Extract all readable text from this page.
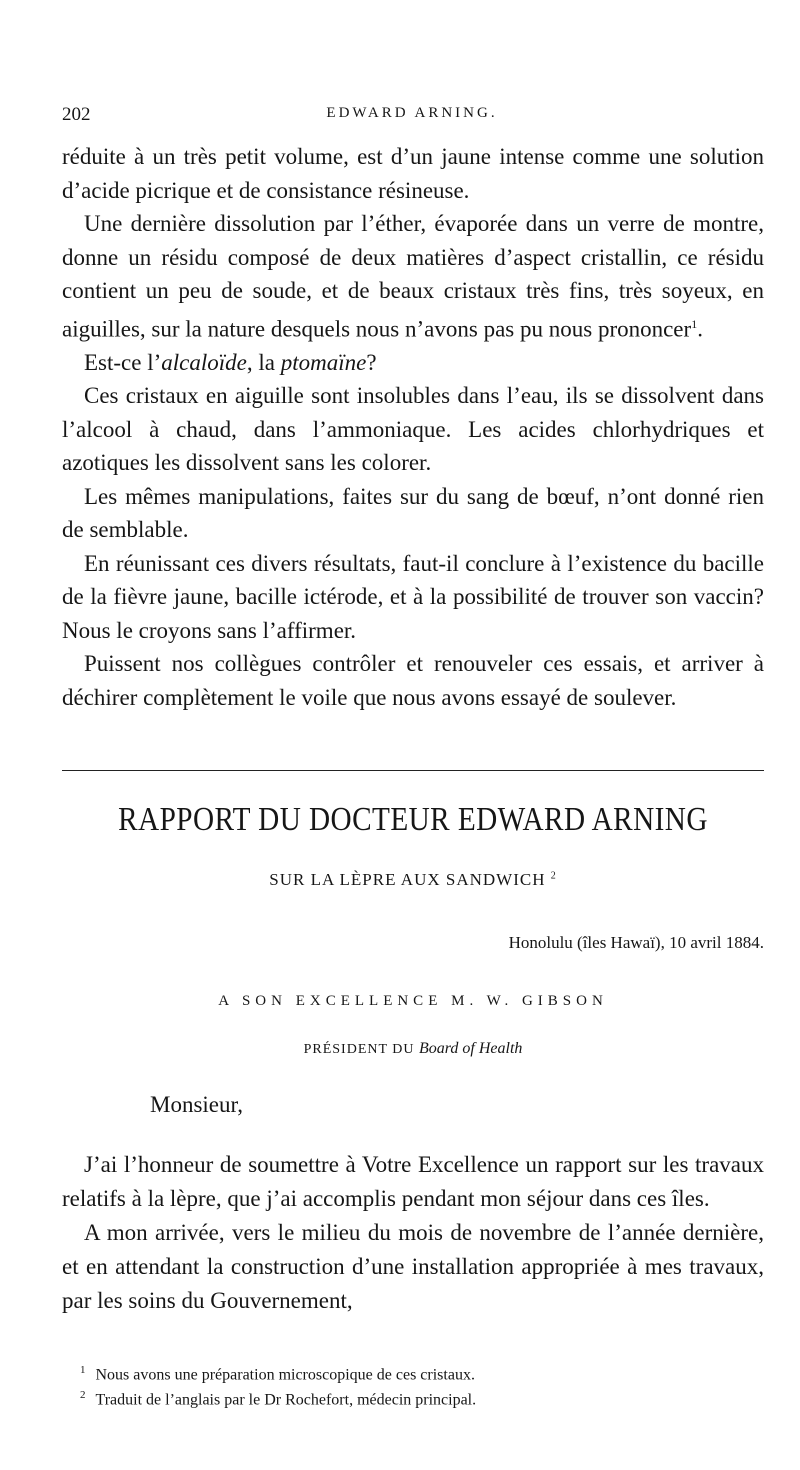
202	EDWARD ARNING.

réduite à un très petit volume, est d’un jaune intense comme une solution d’acide picrique et de consistance résineuse.

Une dernière dissolution par l’éther, évaporée dans un verre de montre, donne un résidu composé de deux matières d’aspect cristallin, ce résidu contient un peu de soude, et de beaux cristaux très fins, très soyeux, en aiguilles, sur la nature desquels nous n’avons pas pu nous prononcer$^1$.

Est-ce l’alcaloïde, la ptomaïne?

Ces cristaux en aiguille sont insolubles dans l’eau, ils se dissolvent dans l’alcool à chaud, dans l’ammoniaque. Les acides chlorhydriques et azotiques les dissolvent sans les colorer.

Les mêmes manipulations, faites sur du sang de bœuf, n’ont donné rien de semblable.

En réunissant ces divers résultats, faut-il conclure à l’existence du bacille de la fièvre jaune, bacille ictérode, et à la possibilité de trouver son vaccin? Nous le croyons sans l’affirmer.

Puissent nos collègues contrôler et renouveler ces essais, et arriver à déchirer complètement le voile que nous avons essayé de soulever.

RAPPORT DU DOCTEUR EDWARD ARNING
SUR LA LÈPRE AUX SANDWICH $^2$
Honolulu (îles Hawaï), 10 avril 1884.
A SON EXCELLENCE M. W. GIBSON
PRÉSIDENT DU Board of Health
Monsieur,

J’ai l’honneur de soumettre à Votre Excellence un rapport sur les travaux relatifs à la lèpre, que j’ai accomplis pendant mon séjour dans ces îles.

A mon arrivée, vers le milieu du mois de novembre de l’année dernière, et en attendant la construction d’une installation appropriée à mes travaux, par les soins du Gouvernement,

$^1$ Nous avons une préparation microscopique de ces cristaux.

$^2$ Traduit de l’anglais par le Dr Rochefort, médecin principal.
